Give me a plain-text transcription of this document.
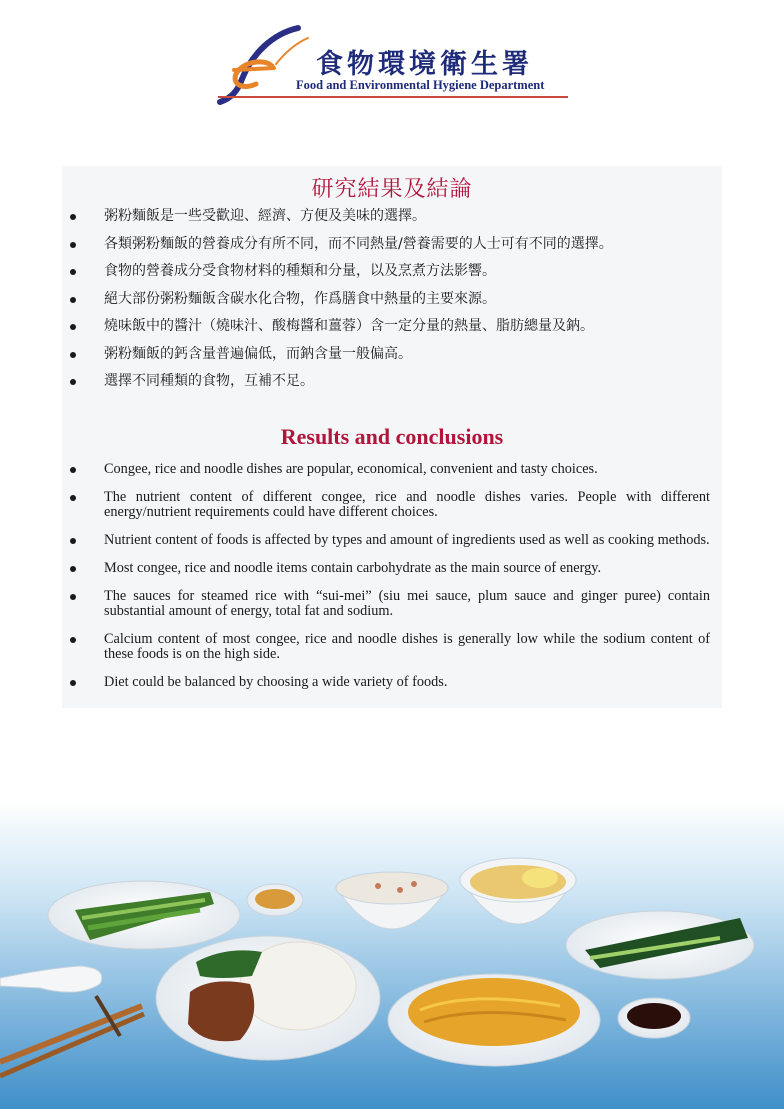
食物環境衛生署
Food and Environmental Hygiene Department
研究結果及結論
粥粉麵飯是一些受歡迎、經濟、方便及美味的選擇。
各類粥粉麵飯的營養成分有所不同，而不同熱量/營養需要的人士可有不同的選擇。
食物的營養成分受食物材料的種類和分量，以及烹煮方法影響。
絕大部份粥粉麵飯含碳水化合物，作爲膳食中熱量的主要來源。
燒味飯中的醬汁（燒味汁、酸梅醬和薑蓉）含一定分量的熱量、脂肪總量及鈉。
粥粉麵飯的鈣含量普遍偏低，而鈉含量一般偏高。
選擇不同種類的食物，互補不足。
Results and conclusions
Congee, rice and noodle dishes are popular, economical, convenient and tasty choices.
The nutrient content of different congee, rice and noodle dishes varies. People with different energy/nutrient requirements could have different choices.
Nutrient content of foods is affected by types and amount of ingredients used as well as cooking methods.
Most congee, rice and noodle items contain carbohydrate as the main source of energy.
The sauces for steamed rice with “sui-mei” (siu mei sauce, plum sauce and ginger puree) contain substantial amount of energy, total fat and sodium.
Calcium content of most congee, rice and noodle dishes is generally low while the sodium content of these foods is on the high side.
Diet could be balanced by choosing a wide variety of foods.
